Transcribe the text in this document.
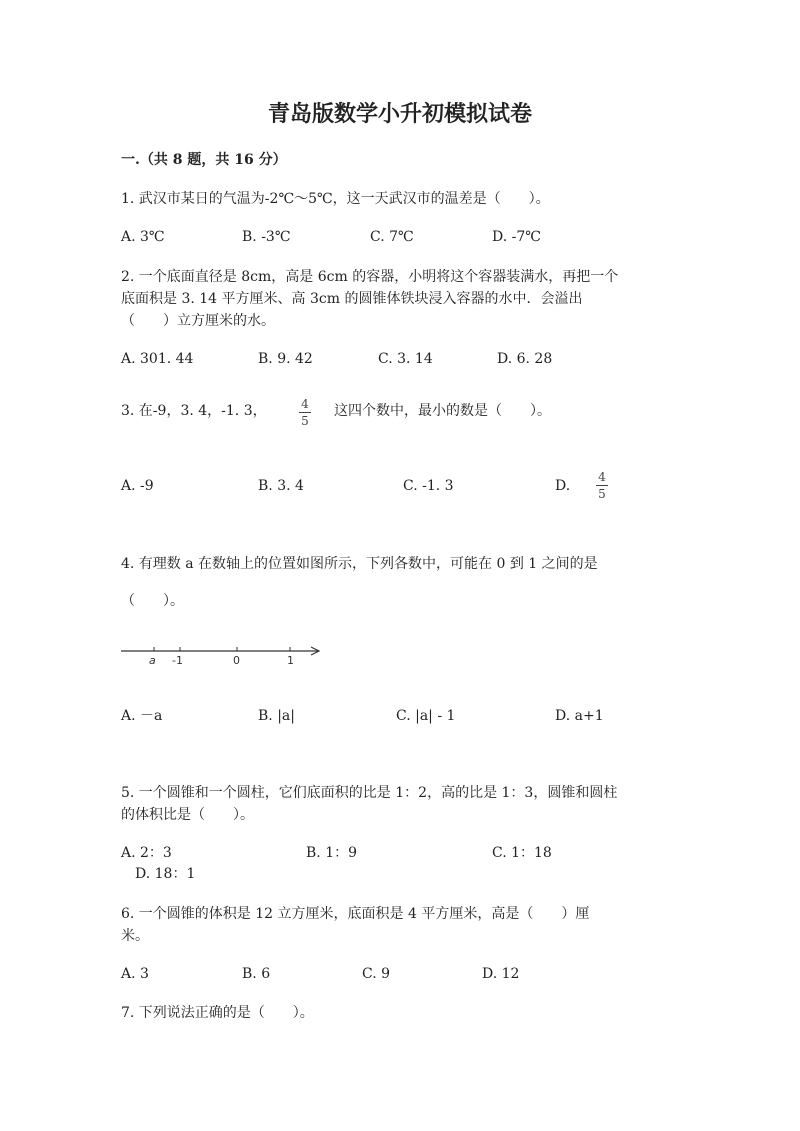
青岛版数学小升初模拟试卷
一.（共 8 题，共 16 分）
1. 武汉市某日的气温为-2℃～5℃，这一天武汉市的温差是（　　）。
A. 3℃	B. -3℃	C. 7℃	D. -7℃
2. 一个底面直径是 8cm，高是 6cm 的容器，小明将这个容器装满水，再把一个
底面积是 3. 14 平方厘米、高 3cm 的圆锥体铁块浸入容器的水中．会溢出
（　　）立方厘米的水。
A. 301. 44	B. 9. 42	C. 3. 14	D. 6. 28
3. 在-9，3. 4，-1. 3，	4
5
这四个数中，最小的数是（　　）。
A. -9	B. 3. 4	C. -1. 3	D.
4
5
4. 有理数 a 在数轴上的位置如图所示，下列各数中，可能在 0 到 1 之间的是
（　　）。
a -1	0	1
A. －a	B. |a|	C. |a| - 1	D. a+1
5. 一个圆锥和一个圆柱，它们底面积的比是 1：2，高的比是 1：3，圆锥和圆柱
的体积比是（　　）。
A. 2：3	B. 1：9	C. 1：18
D. 18：1
6. 一个圆锥的体积是 12 立方厘米，底面积是 4 平方厘米，高是（　　）厘
米。
A. 3	B. 6	C. 9	D. 12
7. 下列说法正确的是（　　）。
